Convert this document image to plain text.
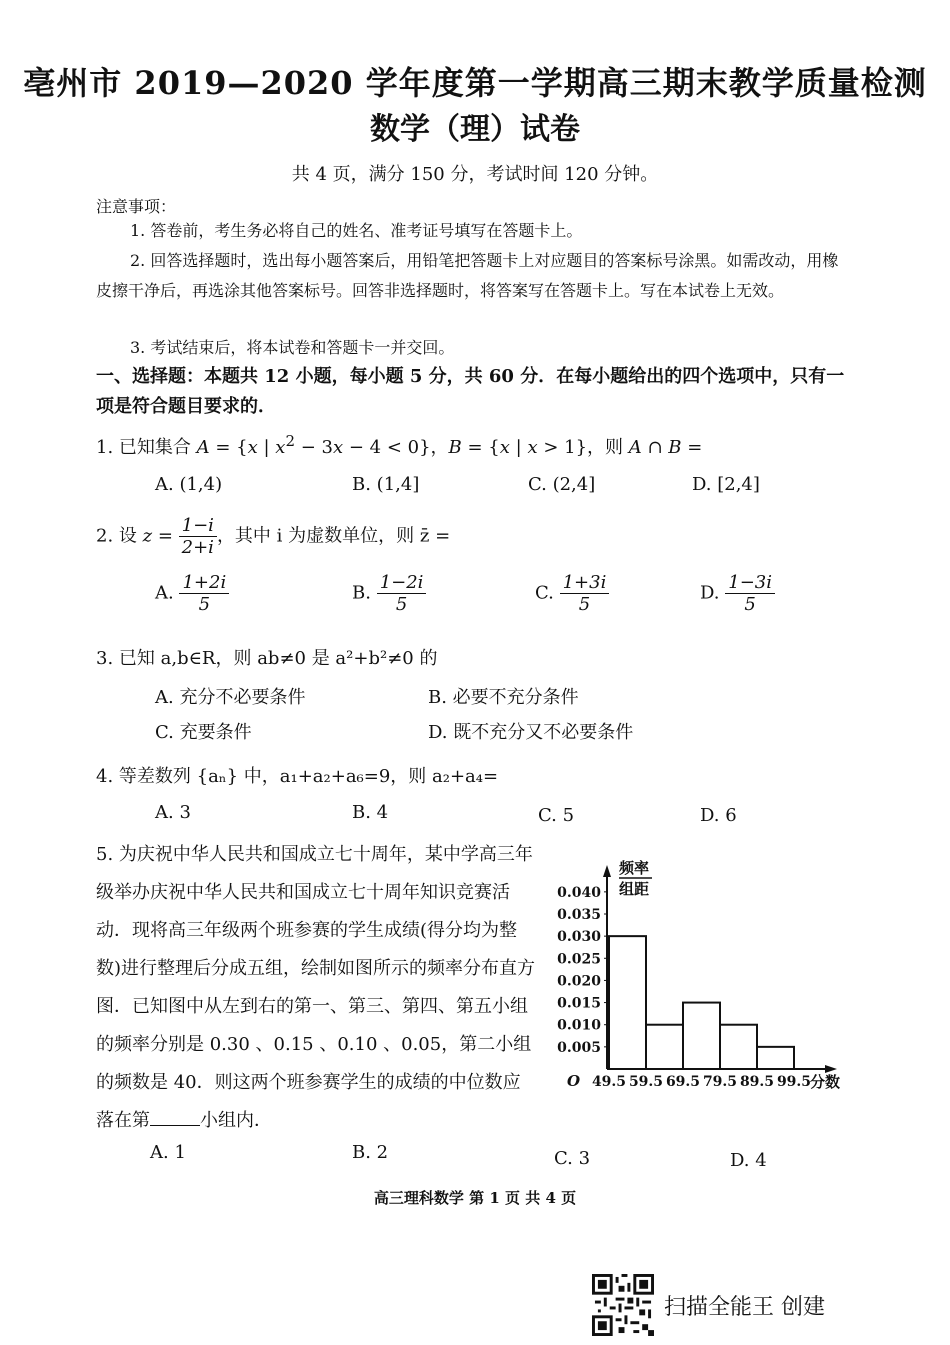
亳州市 2019—2020 学年度第一学期高三期末教学质量检测
数学（理）试卷
共 4 页，满分 150 分，考试时间 120 分钟。
注意事项：
1. 答卷前，考生务必将自己的姓名、准考证号填写在答题卡上。
2. 回答选择题时，选出每小题答案后，用铅笔把答题卡上对应题目的答案标号涂黑。如需改动，用橡皮擦干净后，再选涂其他答案标号。回答非选择题时，将答案写在答题卡上。写在本试卷上无效。
3. 考试结束后，将本试卷和答题卡一并交回。
一、选择题：本题共 12 小题，每小题 5 分，共 60 分．在每小题给出的四个选项中，只有一项是符合题目要求的．
1. 已知集合 A = {x | $x^2 - 3x - 4 < 0$}，B = {x | x > 1}，则 A ∩ B =
A. (1,4)	B. (1,4]	C. (2,4]	D. [2,4]
2. 设 $z = \frac{1-i}{2+i}$ ，其中 i 为虚数单位，则 z̄ =
A. $\frac{1+2i}{5}$	B. $\frac{1-2i}{5}$	C. $\frac{1+3i}{5}$	D. $\frac{1-3i}{5}$
3. 已知 a,b∈R，则 ab≠0 是 a²+b²≠0 的
A. 充分不必要条件	B. 必要不充分条件
C. 充要条件	D. 既不充分又不必要条件
4. 等差数列 {aₙ} 中，a₁+a₂+a₆=9，则 a₂+a₄=
A. 3	B. 4	C. 5	D. 6
5. 为庆祝中华人民共和国成立七十周年，某中学高三年级举办庆祝中华人民共和国成立七十周年知识竞赛活动．现将高三年级两个班参赛的学生成绩(得分均为整数)进行整理后分成五组，绘制如图所示的频率分布直方图．已知图中从左到右的第一、第三、第四、第五小组的频率分别是 0.30 、0.15 、0.10 、0.05，第二小组的频数是 40．则这两个班参赛学生的成绩的中位数应落在第	小组内．
0.005
0.010
0.015
0.020
0.025
0.030
0.035
0.040
49.5 59.5 69.5 79.5 89.5 99.5
O
频率
组距
分数
A. 1	B. 2	C. 3	D. 4
高三理科数学 第 1 页 共 4 页
扫描全能王 创建
